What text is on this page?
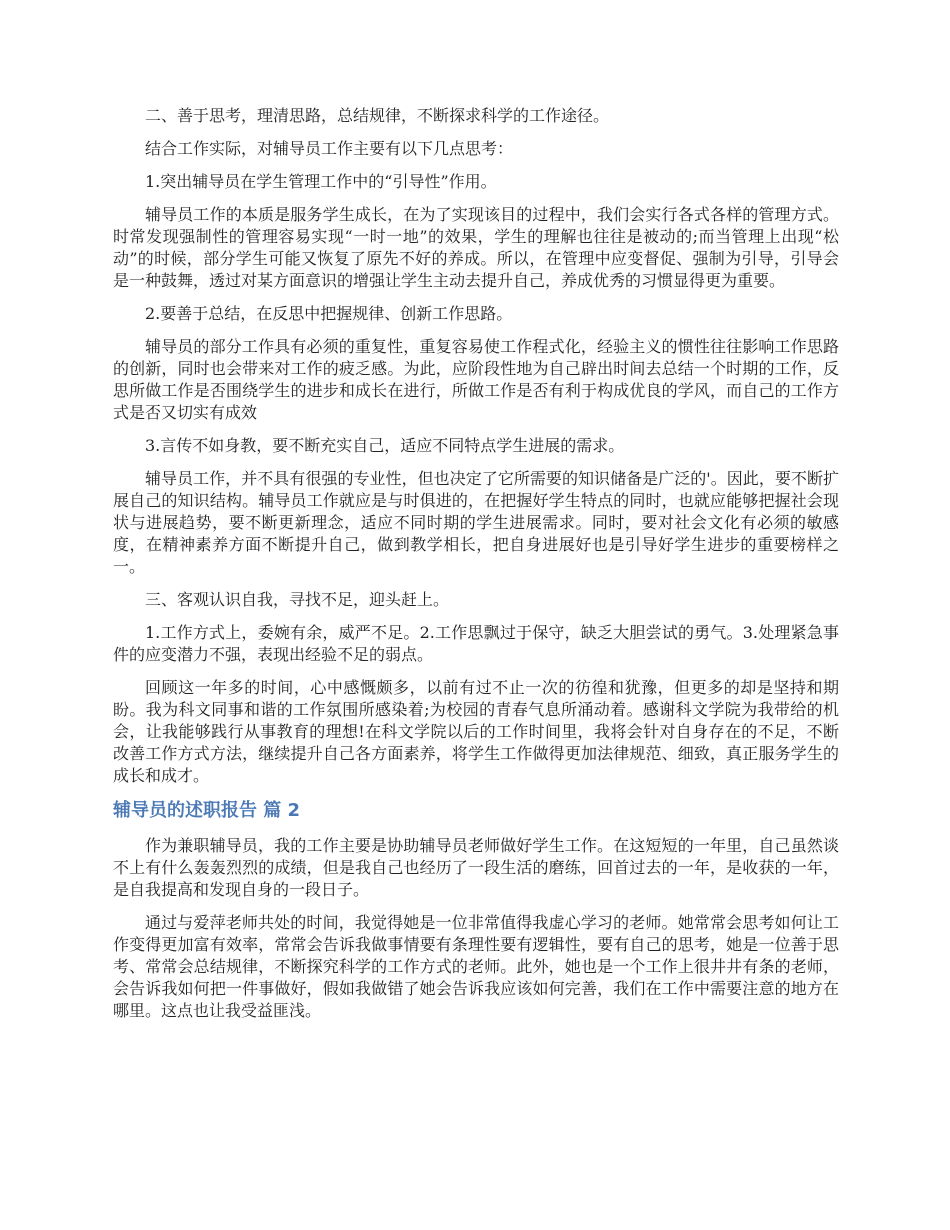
二、善于思考，理清思路，总结规律，不断探求科学的工作途径。

结合工作实际，对辅导员工作主要有以下几点思考：

1.突出辅导员在学生管理工作中的“引导性”作用。

辅导员工作的本质是服务学生成长，在为了实现该目的过程中，我们会实行各式各样的管理方式。时常发现强制性的管理容易实现“一时一地”的效果，学生的理解也往往是被动的;而当管理上出现“松动”的时候，部分学生可能又恢复了原先不好的养成。所以，在管理中应变督促、强制为引导，引导会是一种鼓舞，透过对某方面意识的增强让学生主动去提升自己，养成优秀的习惯显得更为重要。

2.要善于总结，在反思中把握规律、创新工作思路。

辅导员的部分工作具有必须的重复性，重复容易使工作程式化，经验主义的惯性往往影响工作思路的创新，同时也会带来对工作的疲乏感。为此，应阶段性地为自己辟出时间去总结一个时期的工作，反思所做工作是否围绕学生的进步和成长在进行，所做工作是否有利于构成优良的学风，而自己的工作方式是否又切实有成效

3.言传不如身教，要不断充实自己，适应不同特点学生进展的需求。

辅导员工作，并不具有很强的专业性，但也决定了它所需要的知识储备是广泛的'。因此，要不断扩展自己的知识结构。辅导员工作就应是与时俱进的，在把握好学生特点的同时，也就应能够把握社会现状与进展趋势，要不断更新理念，适应不同时期的学生进展需求。同时，要对社会文化有必须的敏感度，在精神素养方面不断提升自己，做到教学相长，把自身进展好也是引导好学生进步的重要榜样之一。

三、客观认识自我，寻找不足，迎头赶上。

1.工作方式上，委婉有余，威严不足。2.工作思飘过于保守，缺乏大胆尝试的勇气。3.处理紧急事件的应变潜力不强，表现出经验不足的弱点。

回顾这一年多的时间，心中感慨颇多，以前有过不止一次的彷徨和犹豫，但更多的却是坚持和期盼。我为科文同事和谐的工作氛围所感染着;为校园的青春气息所涌动着。感谢科文学院为我带给的机会，让我能够践行从事教育的理想!在科文学院以后的工作时间里，我将会针对自身存在的不足，不断改善工作方式方法，继续提升自己各方面素养，将学生工作做得更加法律规范、细致，真正服务学生的成长和成才。

辅导员的述职报告 篇 2

作为兼职辅导员，我的工作主要是协助辅导员老师做好学生工作。在这短短的一年里，自己虽然谈不上有什么轰轰烈烈的成绩，但是我自己也经历了一段生活的磨练，回首过去的一年，是收获的一年，是自我提高和发现自身的一段日子。

通过与爱萍老师共处的时间，我觉得她是一位非常值得我虚心学习的老师。她常常会思考如何让工作变得更加富有效率，常常会告诉我做事情要有条理性要有逻辑性，要有自己的思考，她是一位善于思考、常常会总结规律，不断探究科学的工作方式的老师。此外，她也是一个工作上很井井有条的老师，会告诉我如何把一件事做好，假如我做错了她会告诉我应该如何完善，我们在工作中需要注意的地方在哪里。这点也让我受益匪浅。
